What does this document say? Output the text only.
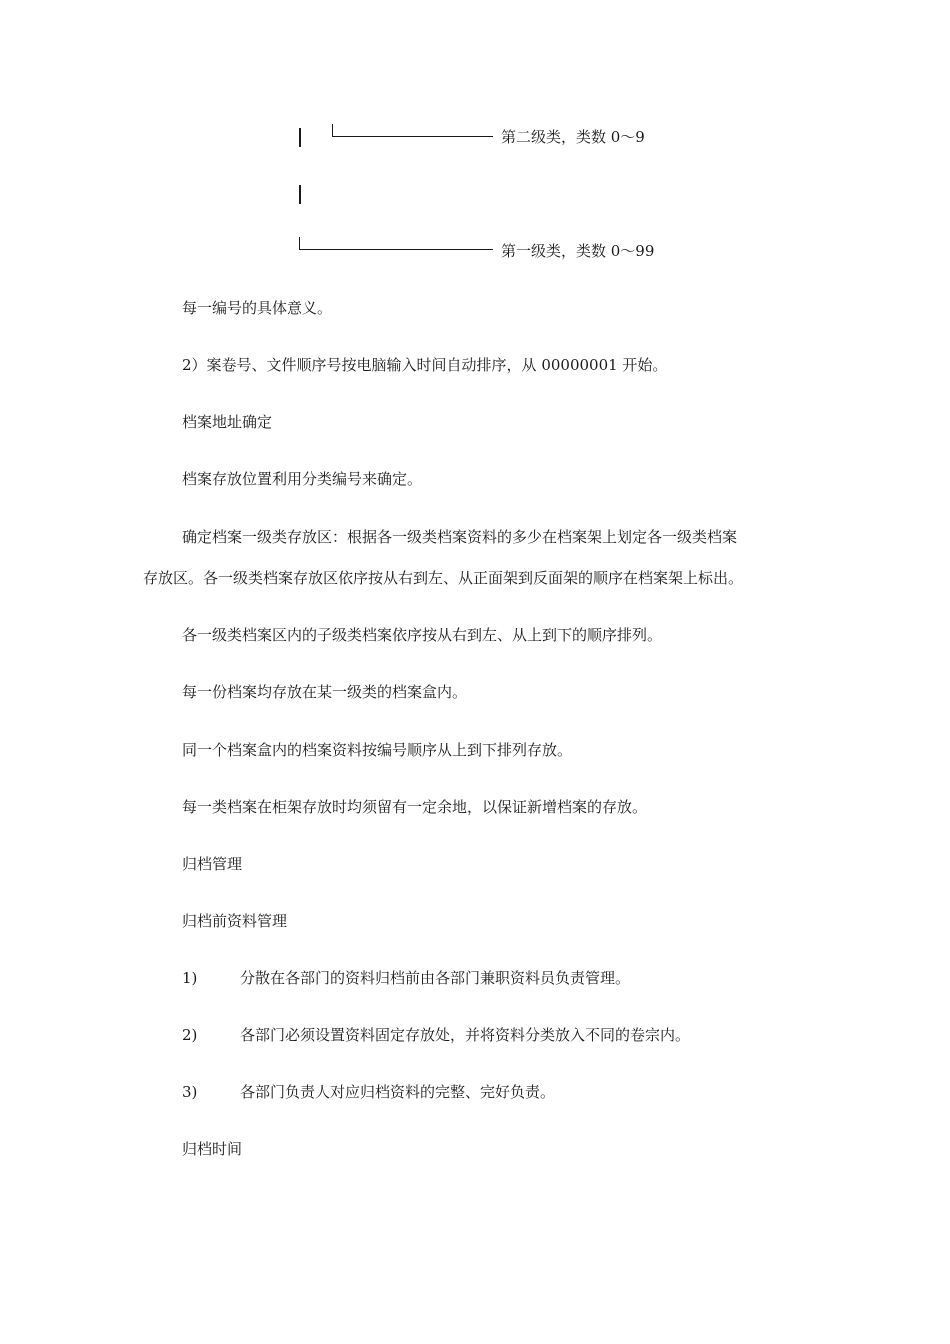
第二级类，类数 0～9
第一级类，类数 0～99
每一编号的具体意义。
2）案卷号、文件顺序号按电脑输入时间自动排序，从 00000001 开始。
档案地址确定
档案存放位置利用分类编号来确定。
确定档案一级类存放区：根据各一级类档案资料的多少在档案架上划定各一级类档案
存放区。各一级类档案存放区依序按从右到左、从正面架到反面架的顺序在档案架上标出。
各一级类档案区内的子级类档案依序按从右到左、从上到下的顺序排列。
每一份档案均存放在某一级类的档案盒内。
同一个档案盒内的档案资料按编号顺序从上到下排列存放。
每一类档案在柜架存放时均须留有一定余地，以保证新增档案的存放。
归档管理
归档前资料管理
1)	分散在各部门的资料归档前由各部门兼职资料员负责管理。
2)	各部门必须设置资料固定存放处，并将资料分类放入不同的卷宗内。
3)	各部门负责人对应归档资料的完整、完好负责。
归档时间
